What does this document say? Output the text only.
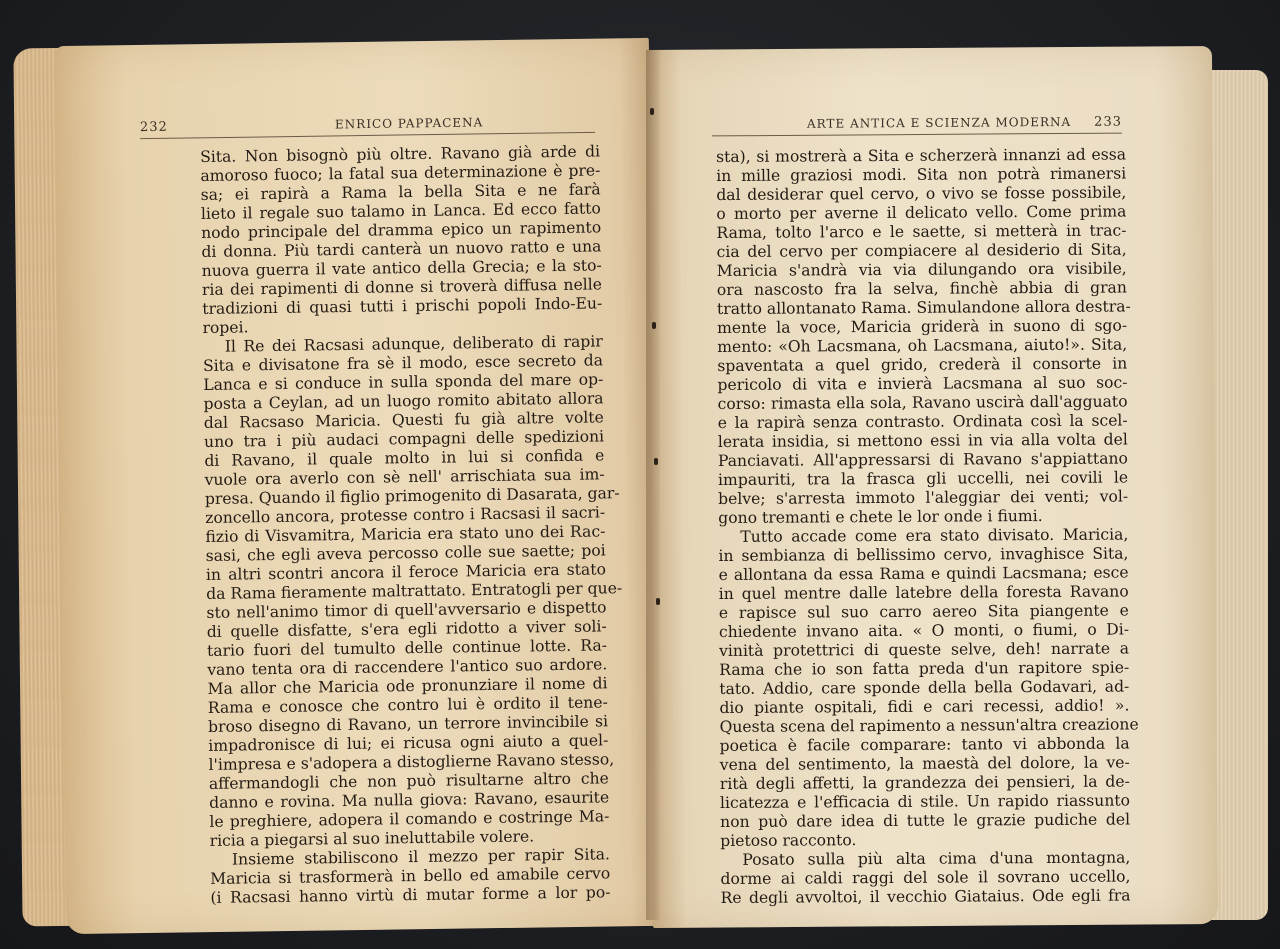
232	ENRICO PAPPACENA	ARTE ANTICA E SCIENZA MODERNA 233
Sita. Non bisognò più oltre. Ravano già arde di
amoroso fuoco; la fatal sua determinazione è pre-
sa; ei rapirà a Rama la bella Sita e ne farà
lieto il regale suo talamo in Lanca. Ed ecco fatto
nodo principale del dramma epico un rapimento
di donna. Più tardi canterà un nuovo ratto e una
nuova guerra il vate antico della Grecia; e la sto-
ria dei rapimenti di donne si troverà diffusa nelle
tradizioni di quasi tutti i prischi popoli Indo-Eu-
ropei.
Il Re dei Racsasi adunque, deliberato di rapir
Sita e divisatone fra sè il modo, esce secreto da
Lanca e si conduce in sulla sponda del mare op-
posta a Ceylan, ad un luogo romito abitato allora
dal Racsaso Maricia. Questi fu già altre volte
uno tra i più audaci compagni delle spedizioni
di Ravano, il quale molto in lui si confida e
vuole ora averlo con sè nell' arrischiata sua im-
presa. Quando il figlio primogenito di Dasarata, gar-
zoncello ancora, protesse contro i Racsasi il sacri-
fizio di Visvamitra, Maricia era stato uno dei Rac-
sasi, che egli aveva percosso colle sue saette; poi
in altri scontri ancora il feroce Maricia era stato
da Rama fieramente maltrattato. Entratogli per que-
sto nell'animo timor di quell'avversario e dispetto
di quelle disfatte, s'era egli ridotto a viver soli-
tario fuori del tumulto delle continue lotte. Ra-
vano tenta ora di raccendere l'antico suo ardore.
Ma allor che Maricia ode pronunziare il nome di
Rama e conosce che contro lui è ordito il tene-
broso disegno di Ravano, un terrore invincibile si
impadronisce di lui; ei ricusa ogni aiuto a quel-
l'impresa e s'adopera a distoglierne Ravano stesso,
affermandogli che non può risultarne altro che
danno e rovina. Ma nulla giova: Ravano, esaurite
le preghiere, adopera il comando e costringe Ma-
ricia a piegarsi al suo ineluttabile volere.
Insieme stabiliscono il mezzo per rapir Sita.
Maricia si trasformerà in bello ed amabile cervo
(i Racsasi hanno virtù di mutar forme a lor po-
sta), si mostrerà a Sita e scherzerà innanzi ad essa
in mille graziosi modi. Sita non potrà rimanersi
dal desiderar quel cervo, o vivo se fosse possibile,
o morto per averne il delicato vello. Come prima
Rama, tolto l'arco e le saette, si metterà in trac-
cia del cervo per compiacere al desiderio di Sita,
Maricia s'andrà via via dilungando ora visibile,
ora nascosto fra la selva, finchè abbia di gran
tratto allontanato Rama. Simulandone allora destra-
mente la voce, Maricia griderà in suono di sgo-
mento: «Oh Lacsmana, oh Lacsmana, aiuto!». Sita,
spaventata a quel grido, crederà il consorte in
pericolo di vita e invierà Lacsmana al suo soc-
corso: rimasta ella sola, Ravano uscirà dall'agguato
e la rapirà senza contrasto. Ordinata così la scel-
lerata insidia, si mettono essi in via alla volta del
Panciavati. All'appressarsi di Ravano s'appiattano
impauriti, tra la frasca gli uccelli, nei covili le
belve; s'arresta immoto l'aleggiar dei venti; vol-
gono tremanti e chete le lor onde i fiumi.
Tutto accade come era stato divisato. Maricia,
in sembianza di bellissimo cervo, invaghisce Sita,
e allontana da essa Rama e quindi Lacsmana; esce
in quel mentre dalle latebre della foresta Ravano
e rapisce sul suo carro aereo Sita piangente e
chiedente invano aita. « O monti, o fiumi, o Di-
vinità protettrici di queste selve, deh! narrate a
Rama che io son fatta preda d'un rapitore spie-
tato. Addio, care sponde della bella Godavari, ad-
dio piante ospitali, fidi e cari recessi, addio! ».
Questa scena del rapimento a nessun'altra creazione
poetica è facile comparare: tanto vi abbonda la
vena del sentimento, la maestà del dolore, la ve-
rità degli affetti, la grandezza dei pensieri, la de-
licatezza e l'efficacia di stile. Un rapido riassunto
non può dare idea di tutte le grazie pudiche del
pietoso racconto.
Posato sulla più alta cima d'una montagna,
dorme ai caldi raggi del sole il sovrano uccello,
Re degli avvoltoi, il vecchio Giataius. Ode egli fra
